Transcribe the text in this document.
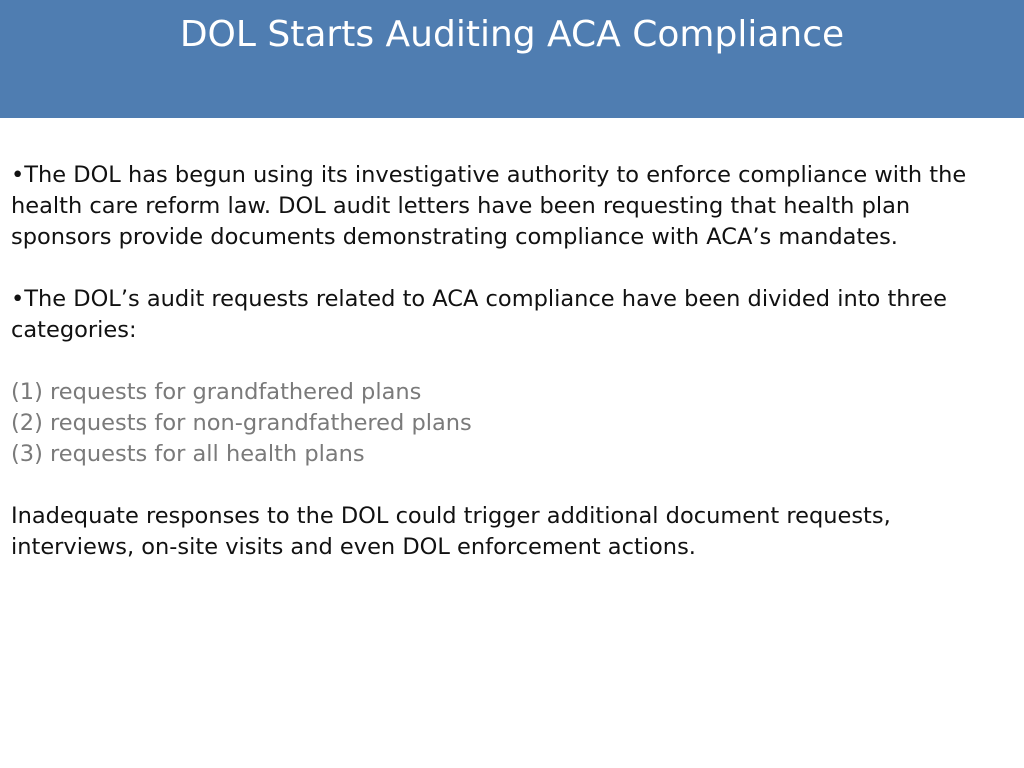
DOL Starts Auditing ACA Compliance

•The DOL has begun using its investigative authority to enforce compliance with the health care reform law. DOL audit letters have been requesting that health plan sponsors provide documents demonstrating compliance with ACA’s mandates.

•The DOL’s audit requests related to ACA compliance have been divided into three categories:

(1) requests for grandfathered plans

(2) requests for non-grandfathered plans

(3) requests for all health plans

Inadequate responses to the DOL could trigger additional document requests, interviews, on-site visits and even DOL enforcement actions.
